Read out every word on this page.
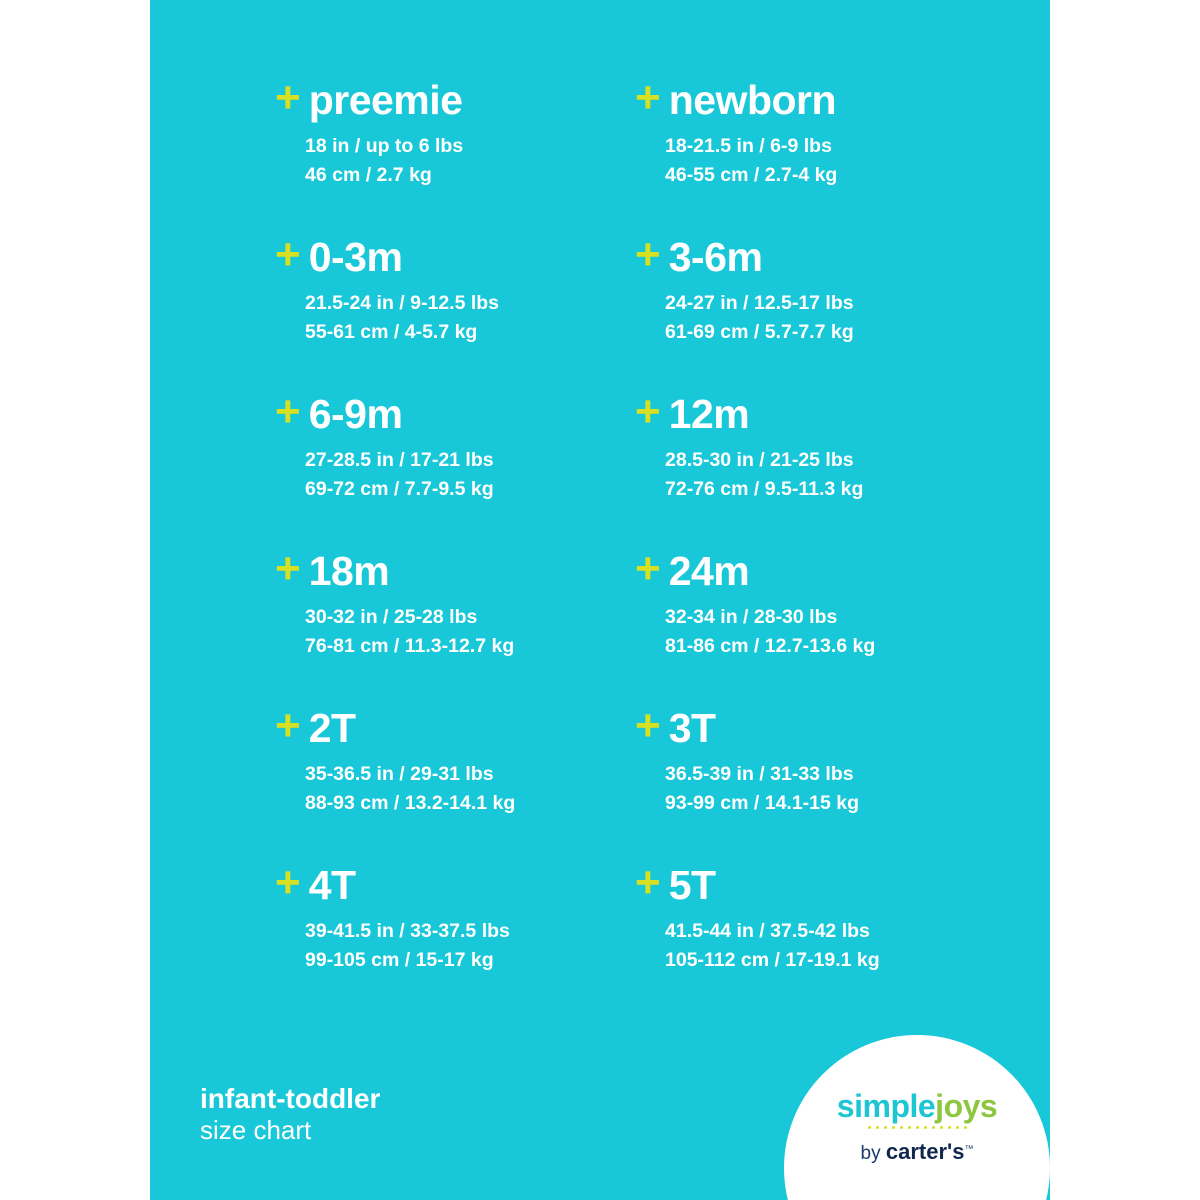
+ preemie
18 in / up to 6 lbs
46 cm / 2.7 kg
+ newborn
18-21.5 in / 6-9 lbs
46-55 cm / 2.7-4 kg
+ 0-3m
21.5-24 in / 9-12.5 lbs
55-61 cm / 4-5.7 kg
+ 3-6m
24-27 in / 12.5-17 lbs
61-69 cm / 5.7-7.7 kg
+ 6-9m
27-28.5 in / 17-21 lbs
69-72 cm / 7.7-9.5 kg
+ 12m
28.5-30 in / 21-25 lbs
72-76 cm / 9.5-11.3 kg
+ 18m
30-32 in / 25-28 lbs
76-81 cm / 11.3-12.7 kg
+ 24m
32-34 in / 28-30 lbs
81-86 cm / 12.7-13.6 kg
+ 2T
35-36.5 in / 29-31 lbs
88-93 cm / 13.2-14.1 kg
+ 3T
36.5-39 in / 31-33 lbs
93-99 cm / 14.1-15 kg
+ 4T
39-41.5 in / 33-37.5 lbs
99-105 cm / 15-17 kg
+ 5T
41.5-44 in / 37.5-42 lbs
105-112 cm / 17-19.1 kg
infant-toddler
size chart
simplejoys
by carter's™
